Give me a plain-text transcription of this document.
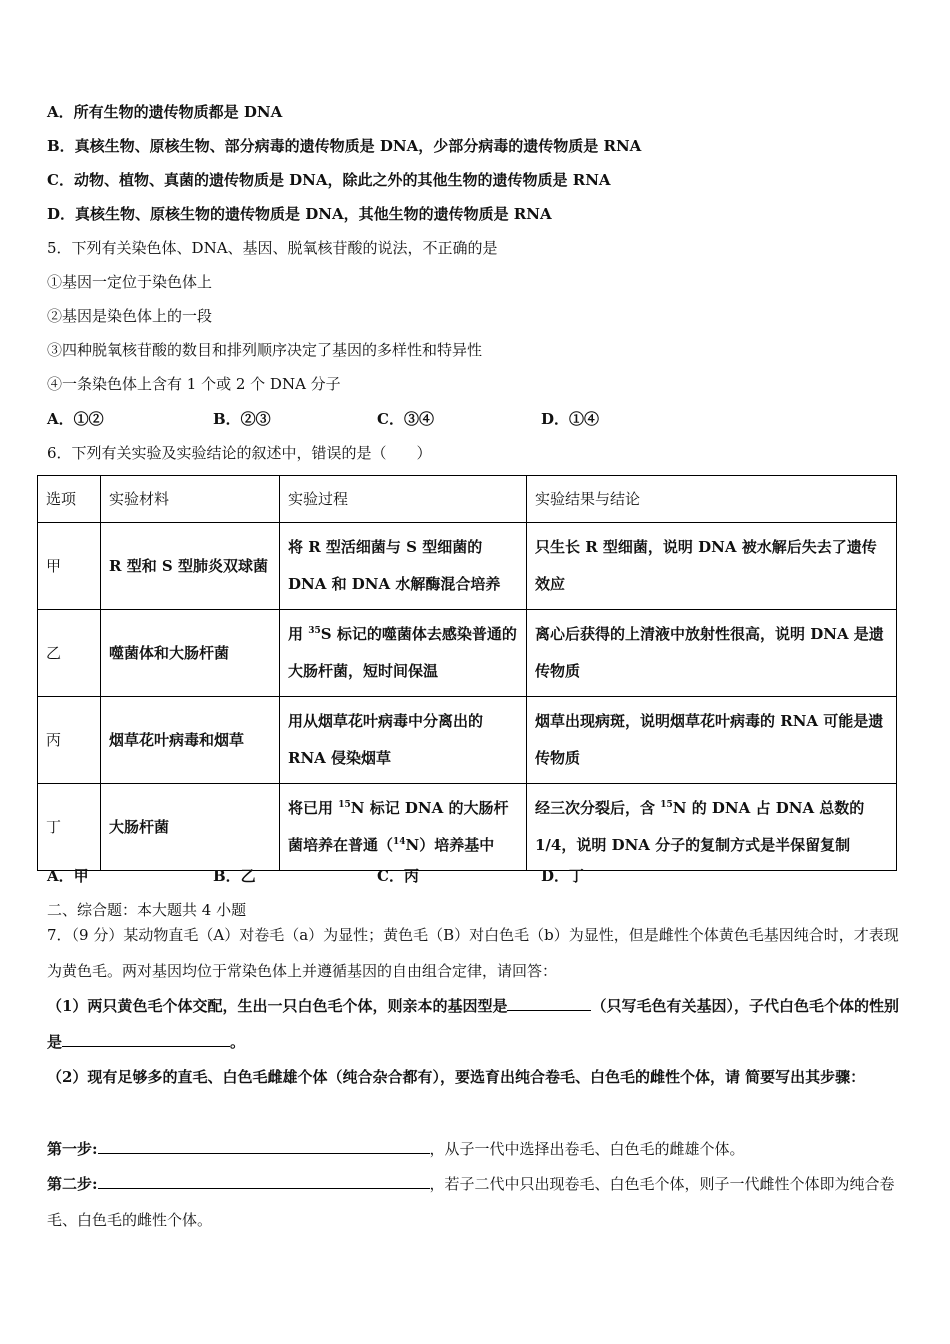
A．所有生物的遗传物质都是 DNA
B．真核生物、原核生物、部分病毒的遗传物质是 DNA，少部分病毒的遗传物质是 RNA
C．动物、植物、真菌的遗传物质是 DNA，除此之外的其他生物的遗传物质是 RNA
D．真核生物、原核生物的遗传物质是 DNA，其他生物的遗传物质是 RNA
5．下列有关染色体、DNA、基因、脱氧核苷酸的说法，不正确的是
①基因一定位于染色体上
②基因是染色体上的一段
③四种脱氧核苷酸的数目和排列顺序决定了基因的多样性和特异性
④一条染色体上含有 1 个或 2 个 DNA 分子
A．①②	B．②③	C．③④	D．①④
6．下列有关实验及实验结论的叙述中，错误的是（　　）
选项	实验材料	实验过程	实验结果与结论
甲	R 型和 S 型肺炎双球菌	将 R 型活细菌与 S 型细菌的 DNA 和 DNA 水解酶混合培养	只生长 R 型细菌，说明 DNA 被水解后失去了遗传效应
乙	噬菌体和大肠杆菌	用 $^{35}$S 标记的噬菌体去感染普通的大肠杆菌，短时间保温	离心后获得的上清液中放射性很高，说明 DNA 是遗传物质
丙	烟草花叶病毒和烟草	用从烟草花叶病毒中分离出的 RNA 侵染烟草	烟草出现病斑，说明烟草花叶病毒的 RNA 可能是遗传物质
丁	大肠杆菌	将已用 $^{15}$N 标记 DNA 的大肠杆菌培养在普通（$^{14}$N）培养基中	经三次分裂后，含 $^{15}$N 的 DNA 占 DNA 总数的 1/4，说明 DNA 分子的复制方式是半保留复制
A．甲	B．乙	C．丙	D．丁
二、综合题：本大题共 4 小题
7．（9 分）某动物直毛（A）对卷毛（a）为显性；黄色毛（B）对白色毛（b）为显性，但是雌性个体黄色毛基因纯合时，才表现为黄色毛。两对基因均位于常染色体上并遵循基因的自由组合定律，请回答：
（1）两只黄色毛个体交配，生出一只白色毛个体，则亲本的基因型是	（只写毛色有关基因），子代白色毛个体的性别是	。
（2）现有足够多的直毛、白色毛雌雄个体（纯合杂合都有），要选育出纯合卷毛、白色毛的雌性个体，请 简要写出其步骤：
第一步:	，从子一代中选择出卷毛、白色毛的雌雄个体。
第二步:	，若子二代中只出现卷毛、白色毛个体，则子一代雌性个体即为纯合卷毛、白色毛的雌性个体。
